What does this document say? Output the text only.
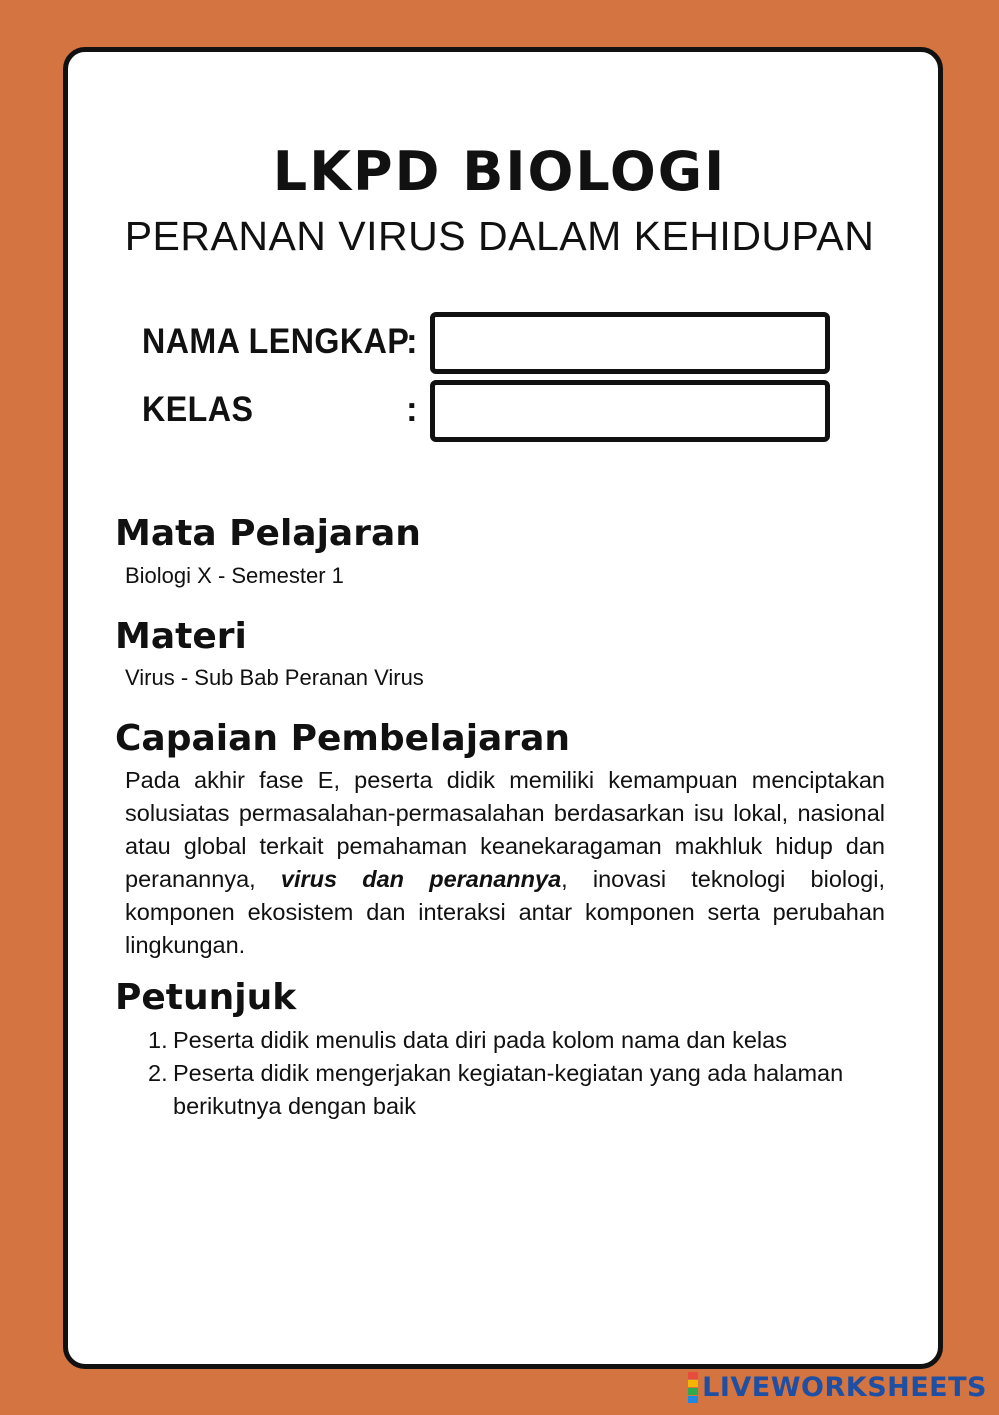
LKPD BIOLOGI
PERANAN VIRUS DALAM KEHIDUPAN
NAMA LENGKAP
:
KELAS	:
Mata Pelajaran
Biologi X - Semester 1
Materi
Virus - Sub Bab Peranan Virus
Capaian Pembelajaran
Pada akhir fase E, peserta didik memiliki kemampuan menciptakan solusiatas permasalahan-permasalahan berdasarkan isu lokal, nasional atau global terkait pemahaman keanekaragaman makhluk hidup dan peranannya, virus dan peranannya, inovasi teknologi biologi, komponen ekosistem dan interaksi antar komponen serta perubahan lingkungan.
Petunjuk
1. Peserta didik menulis data diri pada kolom nama dan kelas
2. Peserta didik mengerjakan kegiatan-kegiatan yang ada halaman berikutnya dengan baik
LIVEWORKSHEETS
